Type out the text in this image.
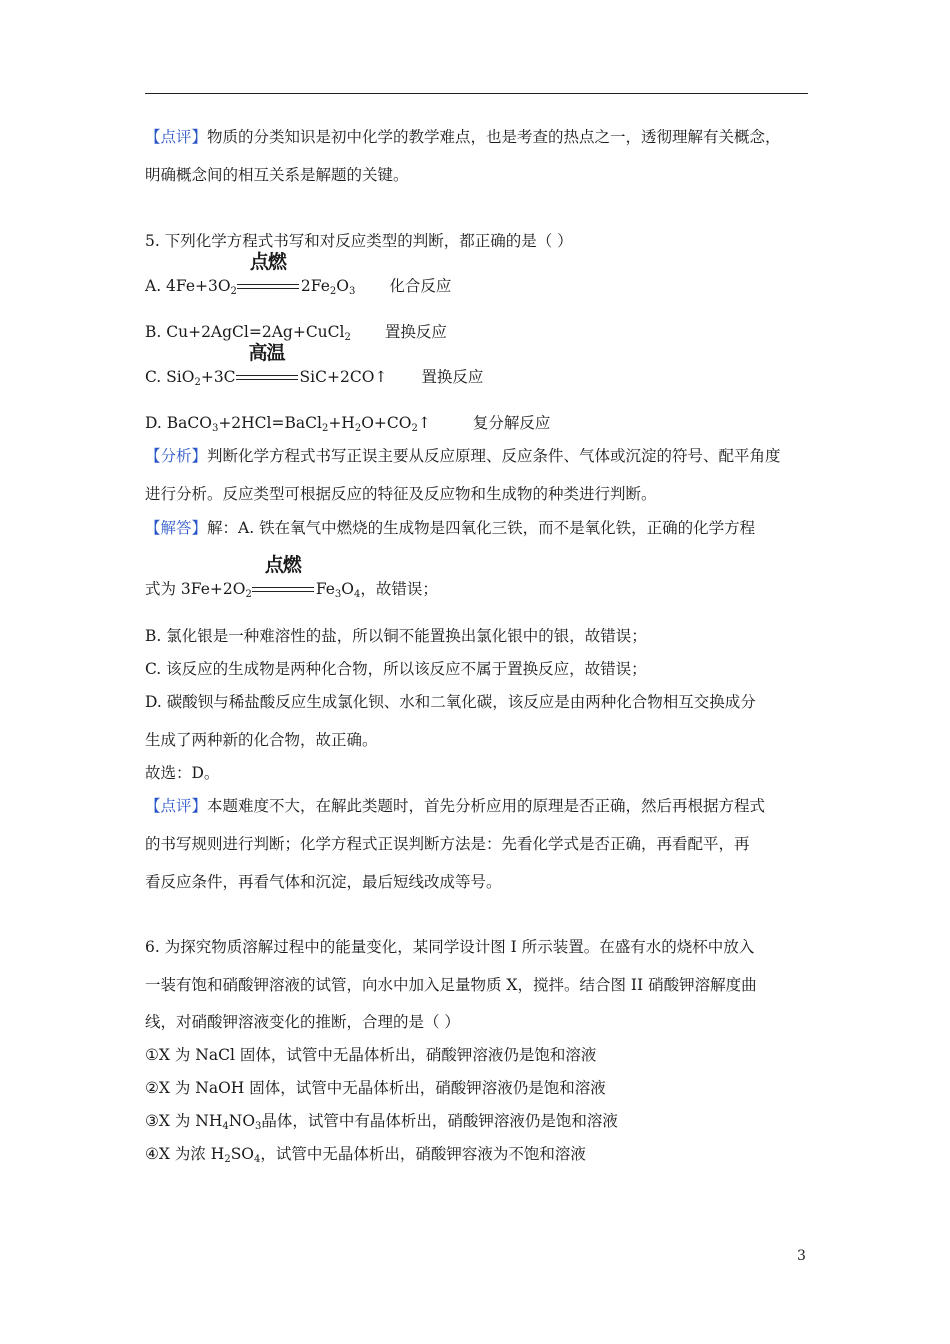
【点评】物质的分类知识是初中化学的教学难点，也是考查的热点之一，透彻理解有关概念，
明确概念间的相互关系是解题的关键。
5. 下列化学方程式书写和对反应类型的判断，都正确的是（ ）
A. $4Fe+3O_2$
点燃
$2Fe_2O_3$ 化合反应
B. Cu+2AgCl=2Ag+CuCl$_2$ 置换反应
C. SiO$_2$+3C
高温
SiC+2CO↑ 置换反应
D. $BaCO_3+2HCl=BaCl_2+H_2O+CO_2↑$	复分解反应
【分析】判断化学方程式书写正误主要从反应原理、反应条件、气体或沉淀的符号、配平角度
进行分析。反应类型可根据反应的特征及反应物和生成物的种类进行判断。
【解答】解：A. 铁在氧气中燃烧的生成物是四氧化三铁，而不是氧化铁，正确的化学方程
式为 $3Fe+2O_2$
点燃
$Fe_3O_4$，故错误；
B. 氯化银是一种难溶性的盐，所以铜不能置换出氯化银中的银，故错误；
C. 该反应的生成物是两种化合物，所以该反应不属于置换反应，故错误；
D. 碳酸钡与稀盐酸反应生成氯化钡、水和二氧化碳，该反应是由两种化合物相互交换成分
生成了两种新的化合物，故正确。
故选：D。
【点评】本题难度不大，在解此类题时，首先分析应用的原理是否正确，然后再根据方程式
的书写规则进行判断；化学方程式正误判断方法是：先看化学式是否正确，再看配平，再
看反应条件，再看气体和沉淀，最后短线改成等号。
6. 为探究物质溶解过程中的能量变化，某同学设计图 I 所示装置。在盛有水的烧杯中放入
一装有饱和硝酸钾溶液的试管，向水中加入足量物质 X，搅拌。结合图 II 硝酸钾溶解度曲
线，对硝酸钾溶液变化的推断，合理的是（ ）
①X 为 NaCl 固体，试管中无晶体析出，硝酸钾溶液仍是饱和溶液
②X 为 NaOH 固体，试管中无晶体析出，硝酸钾溶液仍是饱和溶液
③X 为 $NH_4NO_3$晶体，试管中有晶体析出，硝酸钾溶液仍是饱和溶液
④X 为浓 $H_2SO_4$，试管中无晶体析出，硝酸钾容液为不饱和溶液
3
